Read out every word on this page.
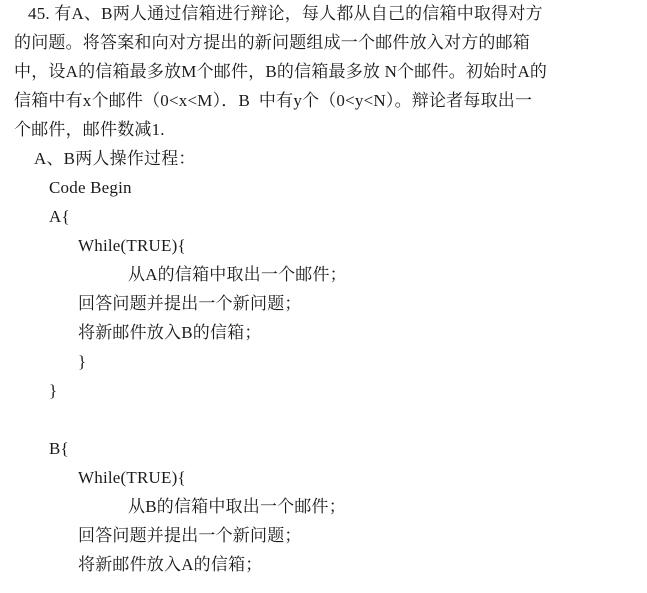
45. 有A、B两人通过信箱进行辩论，每人都从自己的信箱中取得对方
的问题。将答案和向对方提出的新问题组成一个邮件放入对方的邮箱
中，设A的信箱最多放M个邮件，B的信箱最多放 N个邮件。初始时A的
信箱中有x个邮件（0<x<M）．B  中有y个（0<y<N）。辩论者每取出一
个邮件，邮件数减1.
A、B两人操作过程：
Code Begin
A{
While(TRUE){
从A的信箱中取出一个邮件；
回答问题并提出一个新问题；
将新邮件放入B的信箱；
}
}
B{
While(TRUE){
从B的信箱中取出一个邮件；
回答问题并提出一个新问题；
将新邮件放入A的信箱；
